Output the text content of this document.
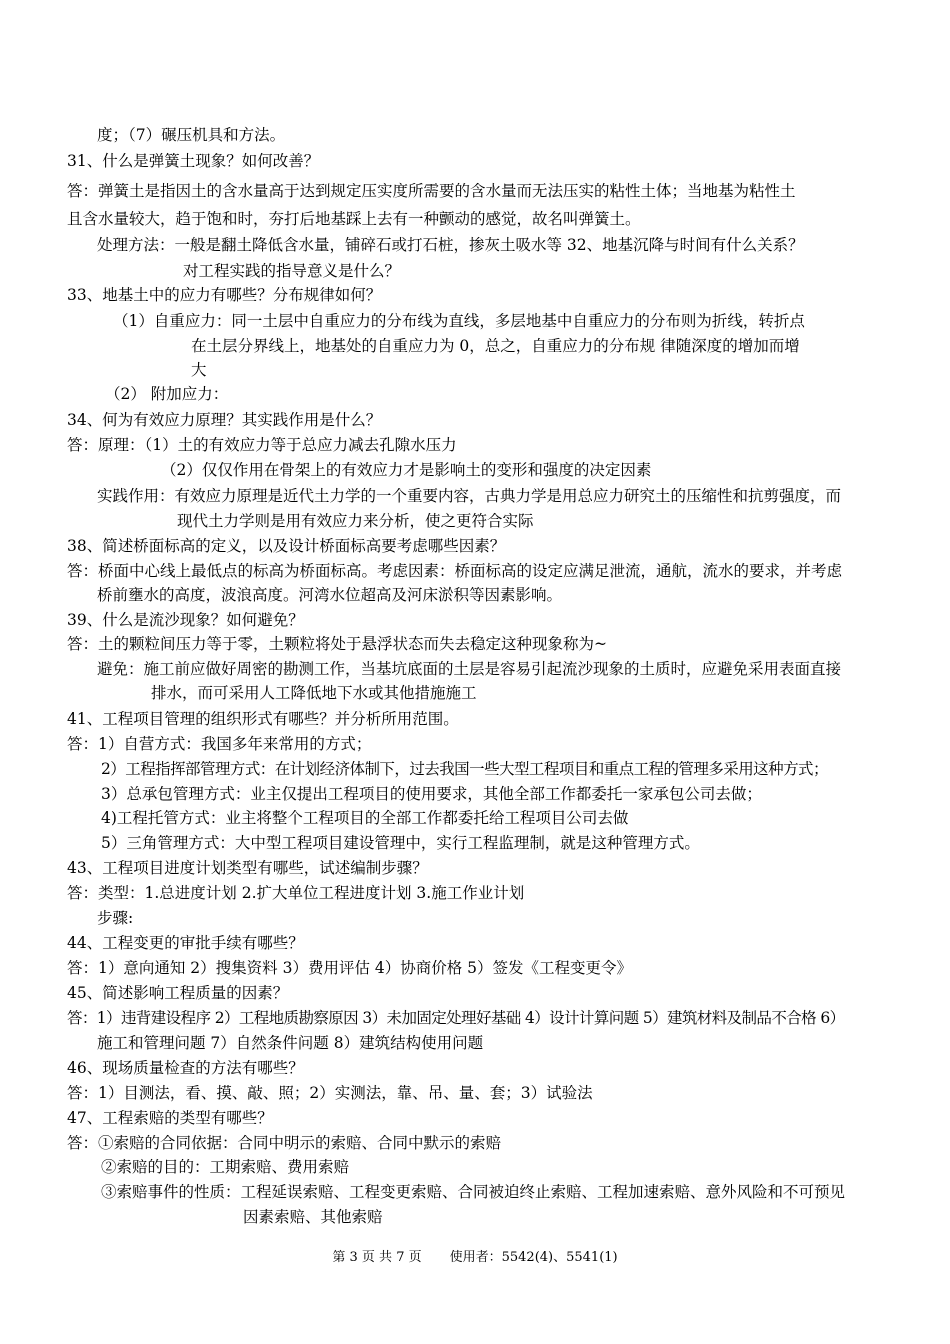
度；（7）碾压机具和方法。
31、什么是弹簧土现象？如何改善？
答：弹簧土是指因土的含水量高于达到规定压实度所需要的含水量而无法压实的粘性土体；当地基为粘性土
且含水量较大，趋于饱和时，夯打后地基踩上去有一种颤动的感觉，故名叫弹簧土。
处理方法：一般是翻土降低含水量，铺碎石或打石桩，掺灰土吸水等 32、地基沉降与时间有什么关系？
对工程实践的指导意义是什么？
33、地基土中的应力有哪些？分布规律如何？
（1）自重应力：同一土层中自重应力的分布线为直线，多层地基中自重应力的分布则为折线，转折点
在土层分界线上，地基处的自重应力为 0，总之，自重应力的分布规 律随深度的增加而增
大
（2） 附加应力：
34、何为有效应力原理？其实践作用是什么？
答：原理：（1）土的有效应力等于总应力减去孔隙水压力
（2）仅仅作用在骨架上的有效应力才是影响土的变形和强度的决定因素
实践作用：有效应力原理是近代土力学的一个重要内容，古典力学是用总应力研究土的压缩性和抗剪强度，而
现代土力学则是用有效应力来分析，使之更符合实际
38、简述桥面标高的定义，以及设计桥面标高要考虑哪些因素？
答：桥面中心线上最低点的标高为桥面标高。考虑因素：桥面标高的设定应满足泄流，通航，流水的要求，并考虑
桥前壅水的高度，波浪高度。河湾水位超高及河床淤积等因素影响。
39、什么是流沙现象？如何避免？
答：土的颗粒间压力等于零，土颗粒将处于悬浮状态而失去稳定这种现象称为~
避免：施工前应做好周密的勘测工作，当基坑底面的土层是容易引起流沙现象的土质时，应避免采用表面直接
排水，而可采用人工降低地下水或其他措施施工
41、工程项目管理的组织形式有哪些？并分析所用范围。
答：1）自营方式：我国多年来常用的方式；
2）工程指挥部管理方式：在计划经济体制下，过去我国一些大型工程项目和重点工程的管理多采用这种方式；
3）总承包管理方式：业主仅提出工程项目的使用要求，其他全部工作都委托一家承包公司去做；
4)工程托管方式：业主将整个工程项目的全部工作都委托给工程项目公司去做
5）三角管理方式：大中型工程项目建设管理中，实行工程监理制，就是这种管理方式。
43、工程项目进度计划类型有哪些，试述编制步骤？
答：类型：1.总进度计划 2.扩大单位工程进度计划 3.施工作业计划
步骤:
44、工程变更的审批手续有哪些？
答：1）意向通知 2）搜集资料 3）费用评估 4）协商价格 5）签发《工程变更令》
45、简述影响工程质量的因素？
答：1）违背建设程序 2）工程地质勘察原因 3）未加固定处理好基础 4）设计计算问题 5）建筑材料及制品不合格 6）
施工和管理问题 7）自然条件问题 8）建筑结构使用问题
46、现场质量检查的方法有哪些？
答：1）目测法，看、摸、敲、照；2）实测法，靠、吊、量、套；3）试验法
47、工程索赔的类型有哪些？
答：①索赔的合同依据：合同中明示的索赔、合同中默示的索赔
②索赔的目的：工期索赔、费用索赔
③索赔事件的性质：工程延误索赔、工程变更索赔、合同被迫终止索赔、工程加速索赔、意外风险和不可预见
因素索赔、其他索赔
第 3 页 共 7 页 使用者：5542(4)、5541(1)
